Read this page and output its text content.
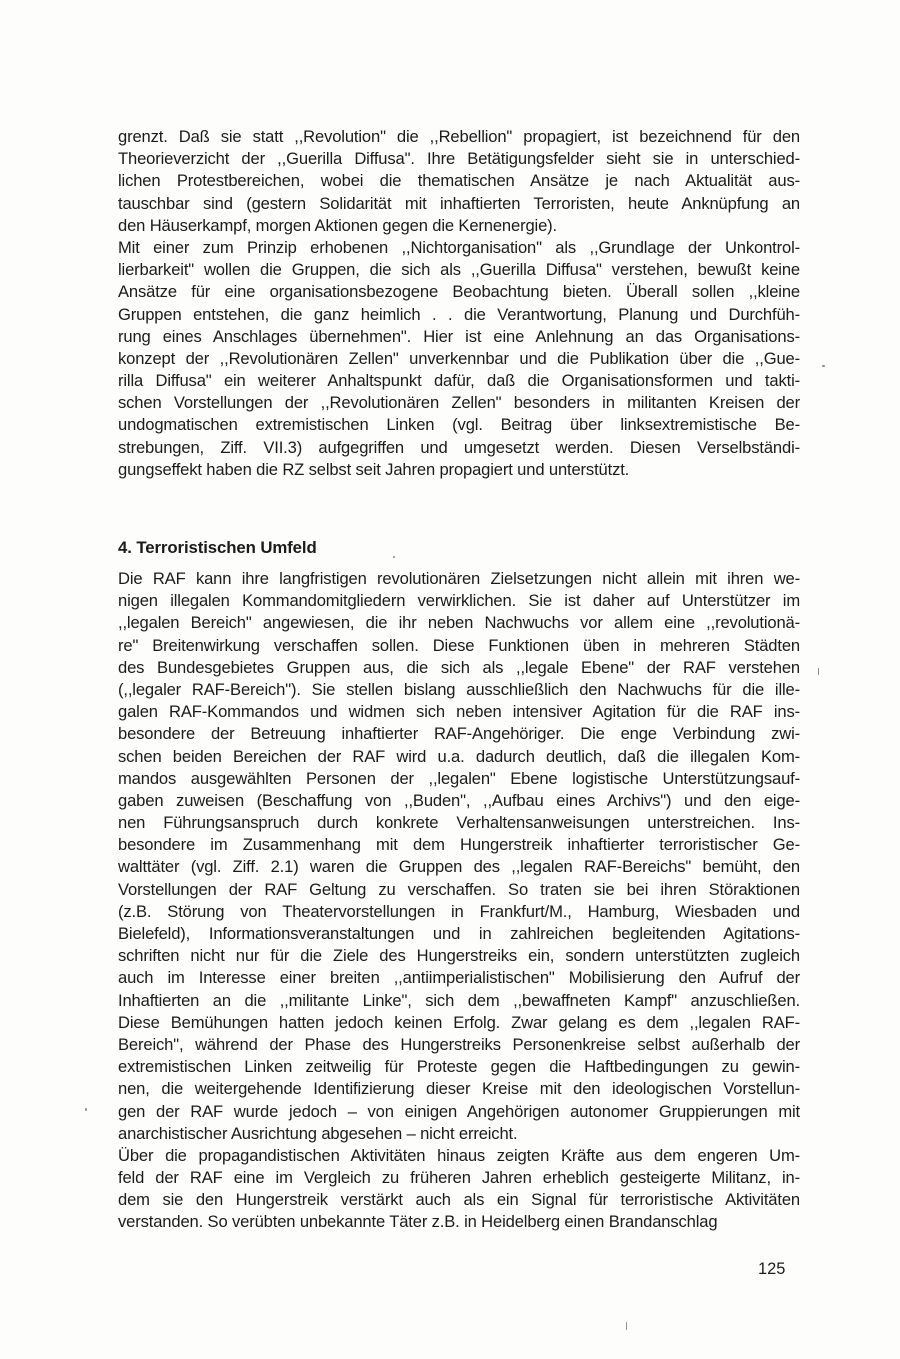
grenzt. Daß sie statt ,,Revolution" die ,,Rebellion" propagiert, ist bezeichnend für den
Theorieverzicht der ,,Guerilla Diffusa". Ihre Betätigungsfelder sieht sie in unterschied-
lichen Protestbereichen, wobei die thematischen Ansätze je nach Aktualität aus-
tauschbar sind (gestern Solidarität mit inhaftierten Terroristen, heute Anknüpfung an
den Häuserkampf, morgen Aktionen gegen die Kernenergie).
Mit einer zum Prinzip erhobenen ,,Nichtorganisation" als ,,Grundlage der Unkontrol-
lierbarkeit" wollen die Gruppen, die sich als ,,Guerilla Diffusa" verstehen, bewußt keine
Ansätze für eine organisationsbezogene Beobachtung bieten. Überall sollen ,,kleine
Gruppen entstehen, die ganz heimlich . . die Verantwortung, Planung und Durchfüh-
rung eines Anschlages übernehmen". Hier ist eine Anlehnung an das Organisations-
konzept der ,,Revolutionären Zellen" unverkennbar und die Publikation über die ,,Gue-
rilla Diffusa" ein weiterer Anhaltspunkt dafür, daß die Organisationsformen und takti-
schen Vorstellungen der ,,Revolutionären Zellen" besonders in militanten Kreisen der
undogmatischen extremistischen Linken (vgl. Beitrag über linksextremistische Be-
strebungen, Ziff. VII.3) aufgegriffen und umgesetzt werden. Diesen Verselbständi-
gungseffekt haben die RZ selbst seit Jahren propagiert und unterstützt.
4. Terroristischen Umfeld
Die RAF kann ihre langfristigen revolutionären Zielsetzungen nicht allein mit ihren we-
nigen illegalen Kommandomitgliedern verwirklichen. Sie ist daher auf Unterstützer im
,,legalen Bereich" angewiesen, die ihr neben Nachwuchs vor allem eine ,,revolutionä-
re" Breitenwirkung verschaffen sollen. Diese Funktionen üben in mehreren Städten
des Bundesgebietes Gruppen aus, die sich als ,,legale Ebene" der RAF verstehen
(,,legaler RAF-Bereich"). Sie stellen bislang ausschließlich den Nachwuchs für die ille-
galen RAF-Kommandos und widmen sich neben intensiver Agitation für die RAF ins-
besondere der Betreuung inhaftierter RAF-Angehöriger. Die enge Verbindung zwi-
schen beiden Bereichen der RAF wird u.a. dadurch deutlich, daß die illegalen Kom-
mandos ausgewählten Personen der ,,legalen" Ebene logistische Unterstützungsauf-
gaben zuweisen (Beschaffung von ,,Buden", ,,Aufbau eines Archivs") und den eige-
nen Führungsanspruch durch konkrete Verhaltensanweisungen unterstreichen. Ins-
besondere im Zusammenhang mit dem Hungerstreik inhaftierter terroristischer Ge-
walttäter (vgl. Ziff. 2.1) waren die Gruppen des ,,legalen RAF-Bereichs" bemüht, den
Vorstellungen der RAF Geltung zu verschaffen. So traten sie bei ihren Störaktionen
(z.B. Störung von Theatervorstellungen in Frankfurt/M., Hamburg, Wiesbaden und
Bielefeld), Informationsveranstaltungen und in zahlreichen begleitenden Agitations-
schriften nicht nur für die Ziele des Hungerstreiks ein, sondern unterstützten zugleich
auch im Interesse einer breiten ,,antiimperialistischen" Mobilisierung den Aufruf der
Inhaftierten an die ,,militante Linke", sich dem ,,bewaffneten Kampf" anzuschließen.
Diese Bemühungen hatten jedoch keinen Erfolg. Zwar gelang es dem ,,legalen RAF-
Bereich", während der Phase des Hungerstreiks Personenkreise selbst außerhalb der
extremistischen Linken zeitweilig für Proteste gegen die Haftbedingungen zu gewin-
nen, die weitergehende Identifizierung dieser Kreise mit den ideologischen Vorstellun-
gen der RAF wurde jedoch – von einigen Angehörigen autonomer Gruppierungen mit
anarchistischer Ausrichtung abgesehen – nicht erreicht.
Über die propagandistischen Aktivitäten hinaus zeigten Kräfte aus dem engeren Um-
feld der RAF eine im Vergleich zu früheren Jahren erheblich gesteigerte Militanz, in-
dem sie den Hungerstreik verstärkt auch als ein Signal für terroristische Aktivitäten
verstanden. So verübten unbekannte Täter z.B. in Heidelberg einen Brandanschlag
125
